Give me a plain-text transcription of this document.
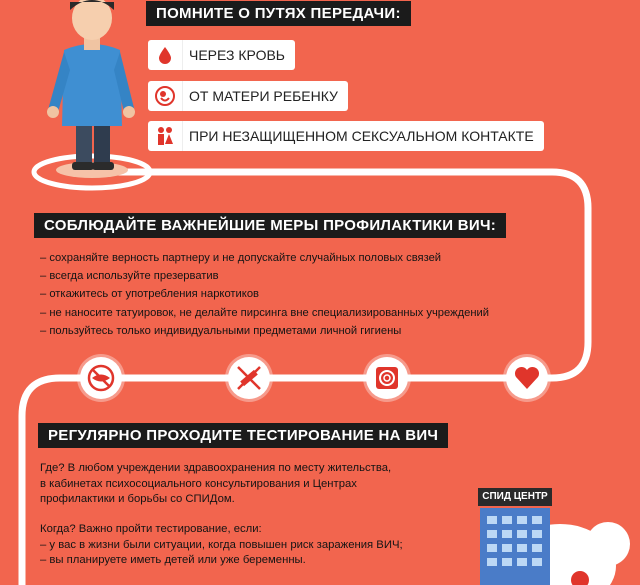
ПОМНИТЕ О ПУТЯХ ПЕРЕДАЧИ:
ЧЕРЕЗ КРОВЬ
ОТ МАТЕРИ РЕБЕНКУ
ПРИ НЕЗАЩИЩЕННОМ СЕКСУАЛЬНОМ КОНТАКТЕ
СОБЛЮДАЙТЕ ВАЖНЕЙШИЕ МЕРЫ ПРОФИЛАКТИКИ ВИЧ:
– сохраняйте верность партнеру и не допускайте случайных половых связей
– всегда используйте презерватив
– откажитесь от употребления наркотиков
– не наносите татуировок, не делайте пирсинга вне специализированных учреждений
– пользуйтесь только индивидуальными предметами личной гигиены
РЕГУЛЯРНО ПРОХОДИТЕ ТЕСТИРОВАНИЕ НА ВИЧ
Где? В любом учреждении здравоохранения по месту жительства,
в кабинетах психосоциального консультирования и Центрах
профилактики и борьбы со СПИДом.
Когда? Важно пройти тестирование, если:
– у вас в жизни были ситуации, когда повышен риск заражения ВИЧ;
– вы планируете иметь детей или уже беременны.
СПИД ЦЕНТР
